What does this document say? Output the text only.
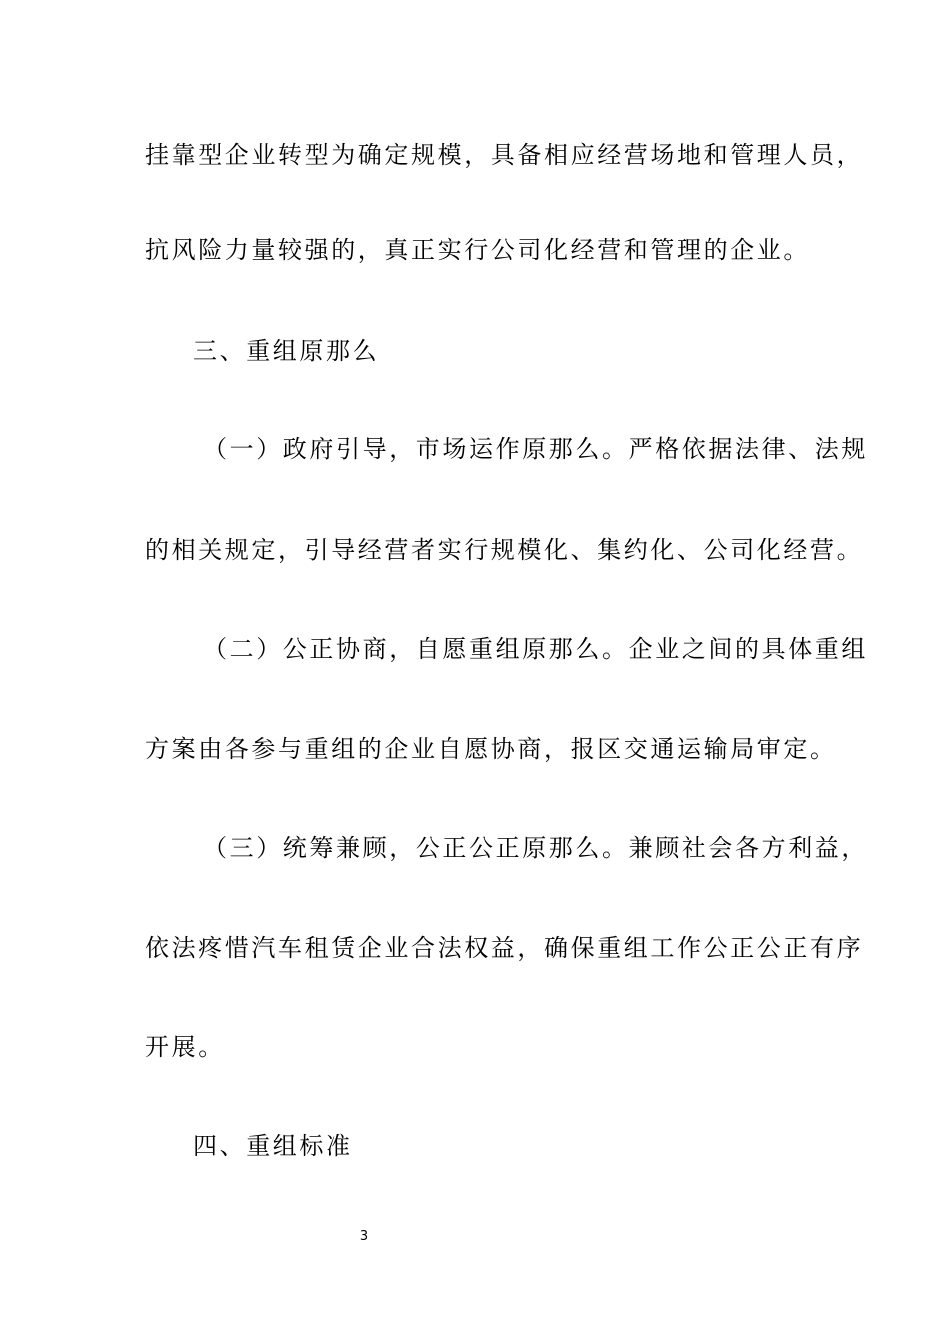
挂靠型企业转型为确定规模，具备相应经营场地和管理人员，

抗风险力量较强的，真正实行公司化经营和管理的企业。

三、重组原那么

（一）政府引导，市场运作原那么。严格依据法律、法规

的相关规定，引导经营者实行规模化、集约化、公司化经营。

（二）公正协商，自愿重组原那么。企业之间的具体重组

方案由各参与重组的企业自愿协商，报区交通运输局审定。

（三）统筹兼顾，公正公正原那么。兼顾社会各方利益，

依法疼惜汽车租赁企业合法权益，确保重组工作公正公正有序

开展。

四、重组标准

3
